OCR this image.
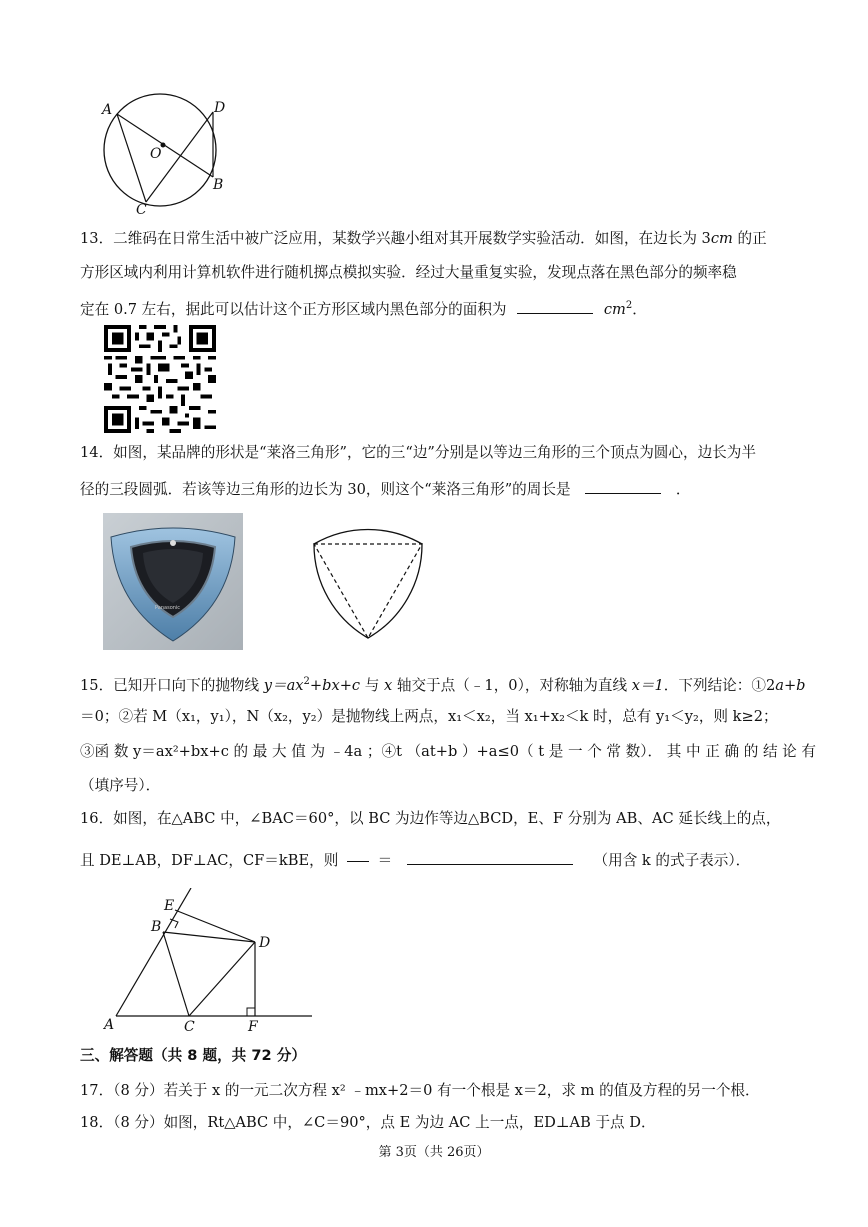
A	D
O
B
C
13．二维码在日常生活中被广泛应用，某数学兴趣小组对其开展数学实验活动．如图，在边长为 3cm 的正
方形区域内利用计算机软件进行随机掷点模拟实验．经过大量重复实验，发现点落在黑色部分的频率稳
定在 0.7 左右，据此可以估计这个正方形区域内黑色部分的面积为	$cm^2$．
14．如图，某品牌的形状是“莱洛三角形”，它的三“边”分别是以等边三角形的三个顶点为圆心，边长为半
径的三段圆弧．若该等边三角形的边长为 30，则这个“莱洛三角形”的周长是	．
Panasonic
15．已知开口向下的抛物线 $y=ax^2+bx+c$ 与 x 轴交于点（﹣1，0），对称轴为直线 x＝1．下列结论：①2a+b
＝0；②若 M（x₁，y₁），N（x₂，y₂）是抛物线上两点，x₁＜x₂，当 x₁+x₂＜k 时，总有 y₁＜y₂，则 k≥2；
③函 数 y＝ax²+bx+c 的 最 大 值 为 ﹣4a ；④t （at+b ）+a≤0（ t 是 一 个 常 数）． 其 中 正 确 的 结 论 有
（填序号）．
16．如图，在△ABC 中，∠BAC＝60°，以 BC 为边作等边△BCD，E、F 分别为 AB、AC 延长线上的点，
且 DE⊥AB，DF⊥AC，CF＝kBE，则	＝	（用含 k 的式子表示）．
E
B
D
A	C	F
三、解答题（共 8 题，共 72 分）
17．（8 分）若关于 x 的一元二次方程 x² ﹣mx+2＝0 有一个根是 x＝2，求 m 的值及方程的另一个根．
18．（8 分）如图，Rt△ABC 中，∠C＝90°，点 E 为边 AC 上一点，ED⊥AB 于点 D．
第 3页（共 26页）
